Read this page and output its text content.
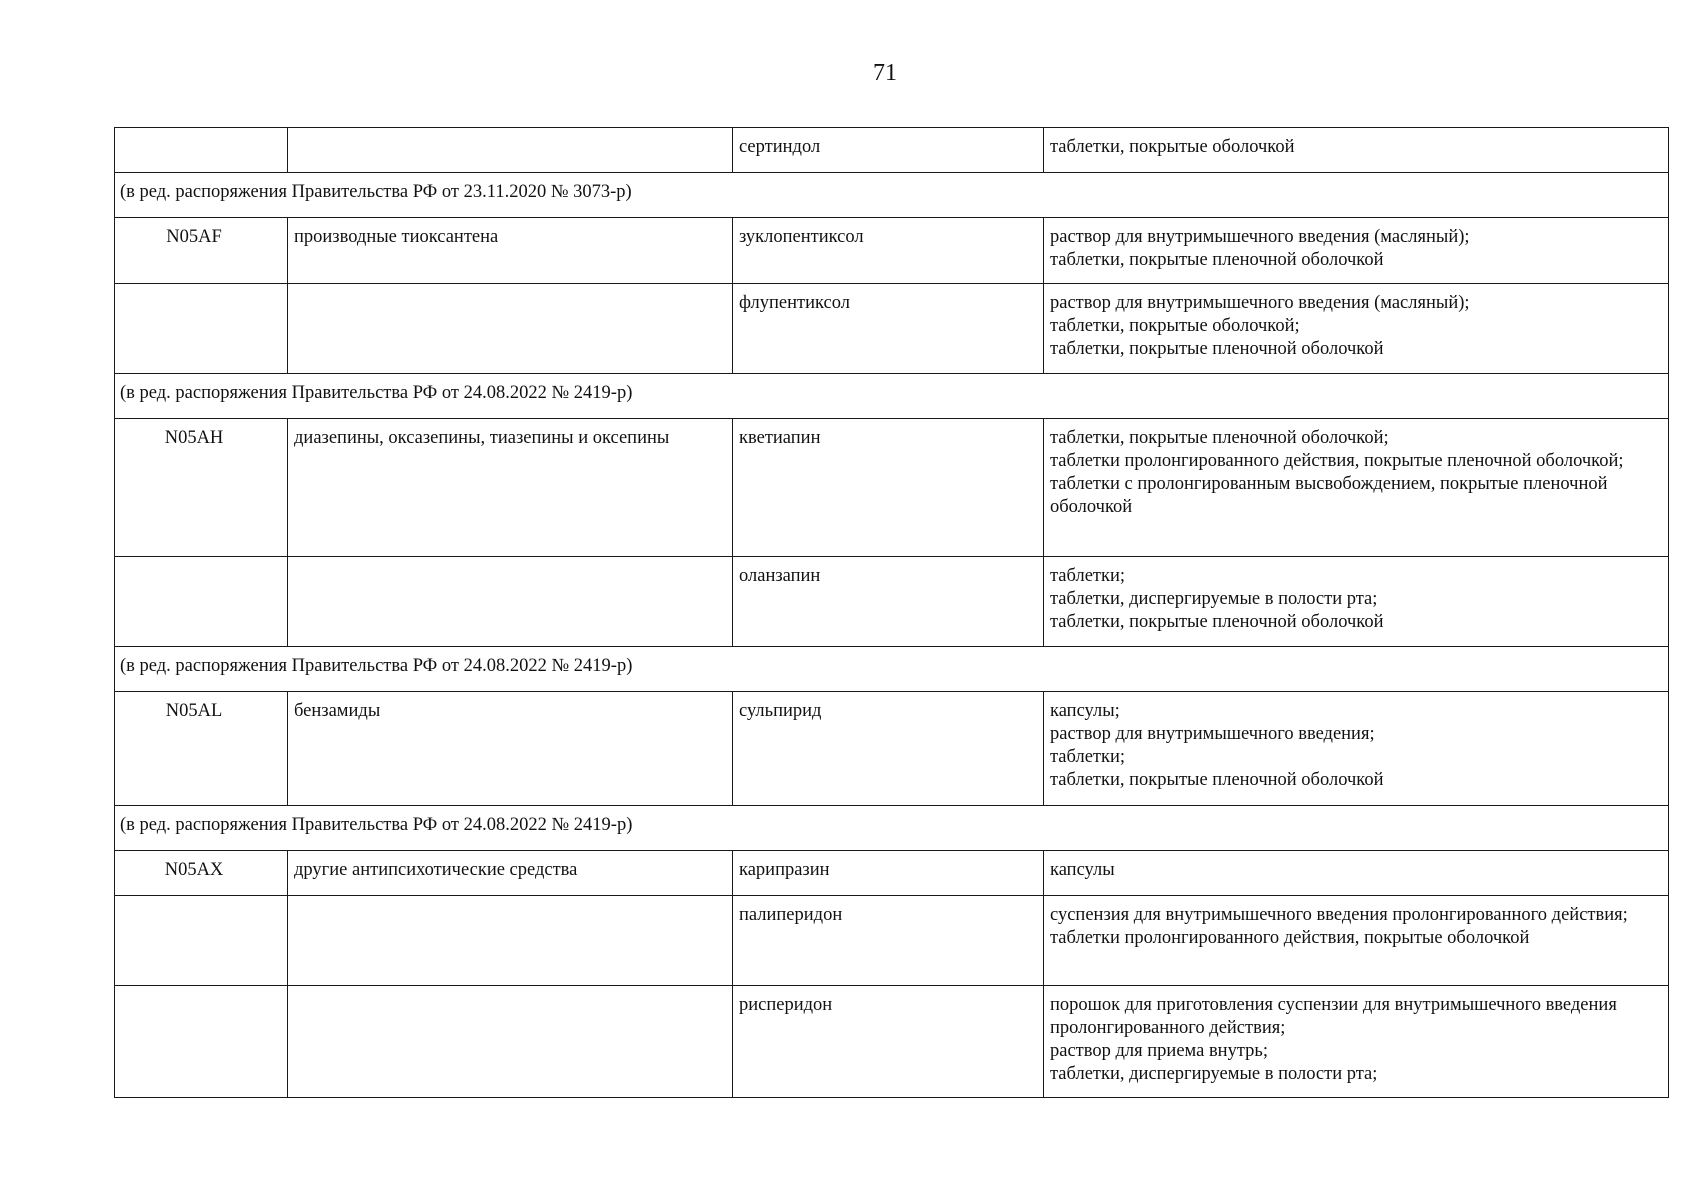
71
		сертиндол	таблетки, покрытые оболочкой

(в ред. распоряжения Правительства РФ от 23.11.2020 № 3073-р)			
N05AF	производные тиоксантена	зуклопентиксол	раствор для внутримышечного введения (масляный);
таблетки, покрытые пленочной оболочкой

		флупентиксол	раствор для внутримышечного введения (масляный);
таблетки, покрытые оболочкой;
таблетки, покрытые пленочной оболочкой

(в ред. распоряжения Правительства РФ от 24.08.2022 № 2419-р)			
N05AH	диазепины, оксазепины, тиазепины и оксепины	кветиапин	таблетки, покрытые пленочной оболочкой;
таблетки пролонгированного действия, покрытые пленочной оболочкой;
таблетки с пролонгированным высвобождением, покрытые пленочной оболочкой

		оланзапин	таблетки;
таблетки, диспергируемые в полости рта;
таблетки, покрытые пленочной оболочкой

(в ред. распоряжения Правительства РФ от 24.08.2022 № 2419-р)			
N05AL	бензамиды	сульпирид	капсулы;
раствор для внутримышечного введения;
таблетки;
таблетки, покрытые пленочной оболочкой

(в ред. распоряжения Правительства РФ от 24.08.2022 № 2419-р)			
N05AX	другие антипсихотические средства	карипразин	капсулы

		палиперидон	суспензия для внутримышечного введения пролонгированного действия;
таблетки пролонгированного действия, покрытые оболочкой

		рисперидон	порошок для приготовления суспензии для внутримышечного введения пролонгированного действия;
раствор для приема внутрь;
таблетки, диспергируемые в полости рта;
